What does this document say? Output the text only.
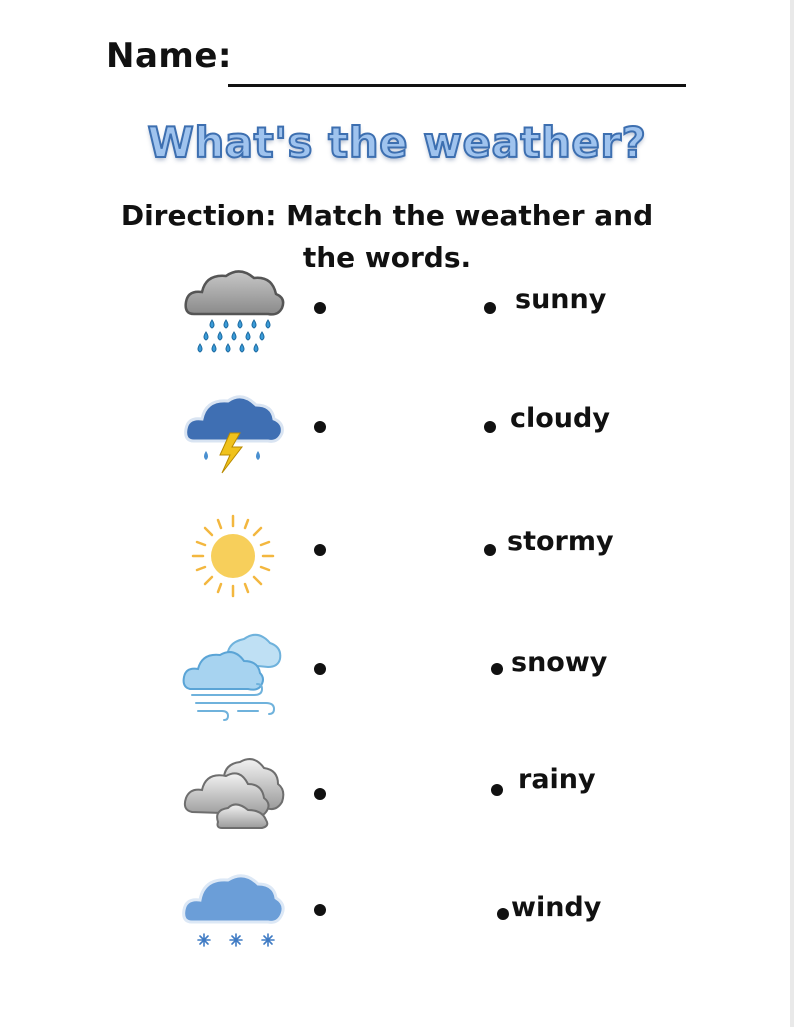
Name:
What's the weather?
Direction: Match the weather and the words.
sunny
cloudy
stormy
snowy
rainy
windy
